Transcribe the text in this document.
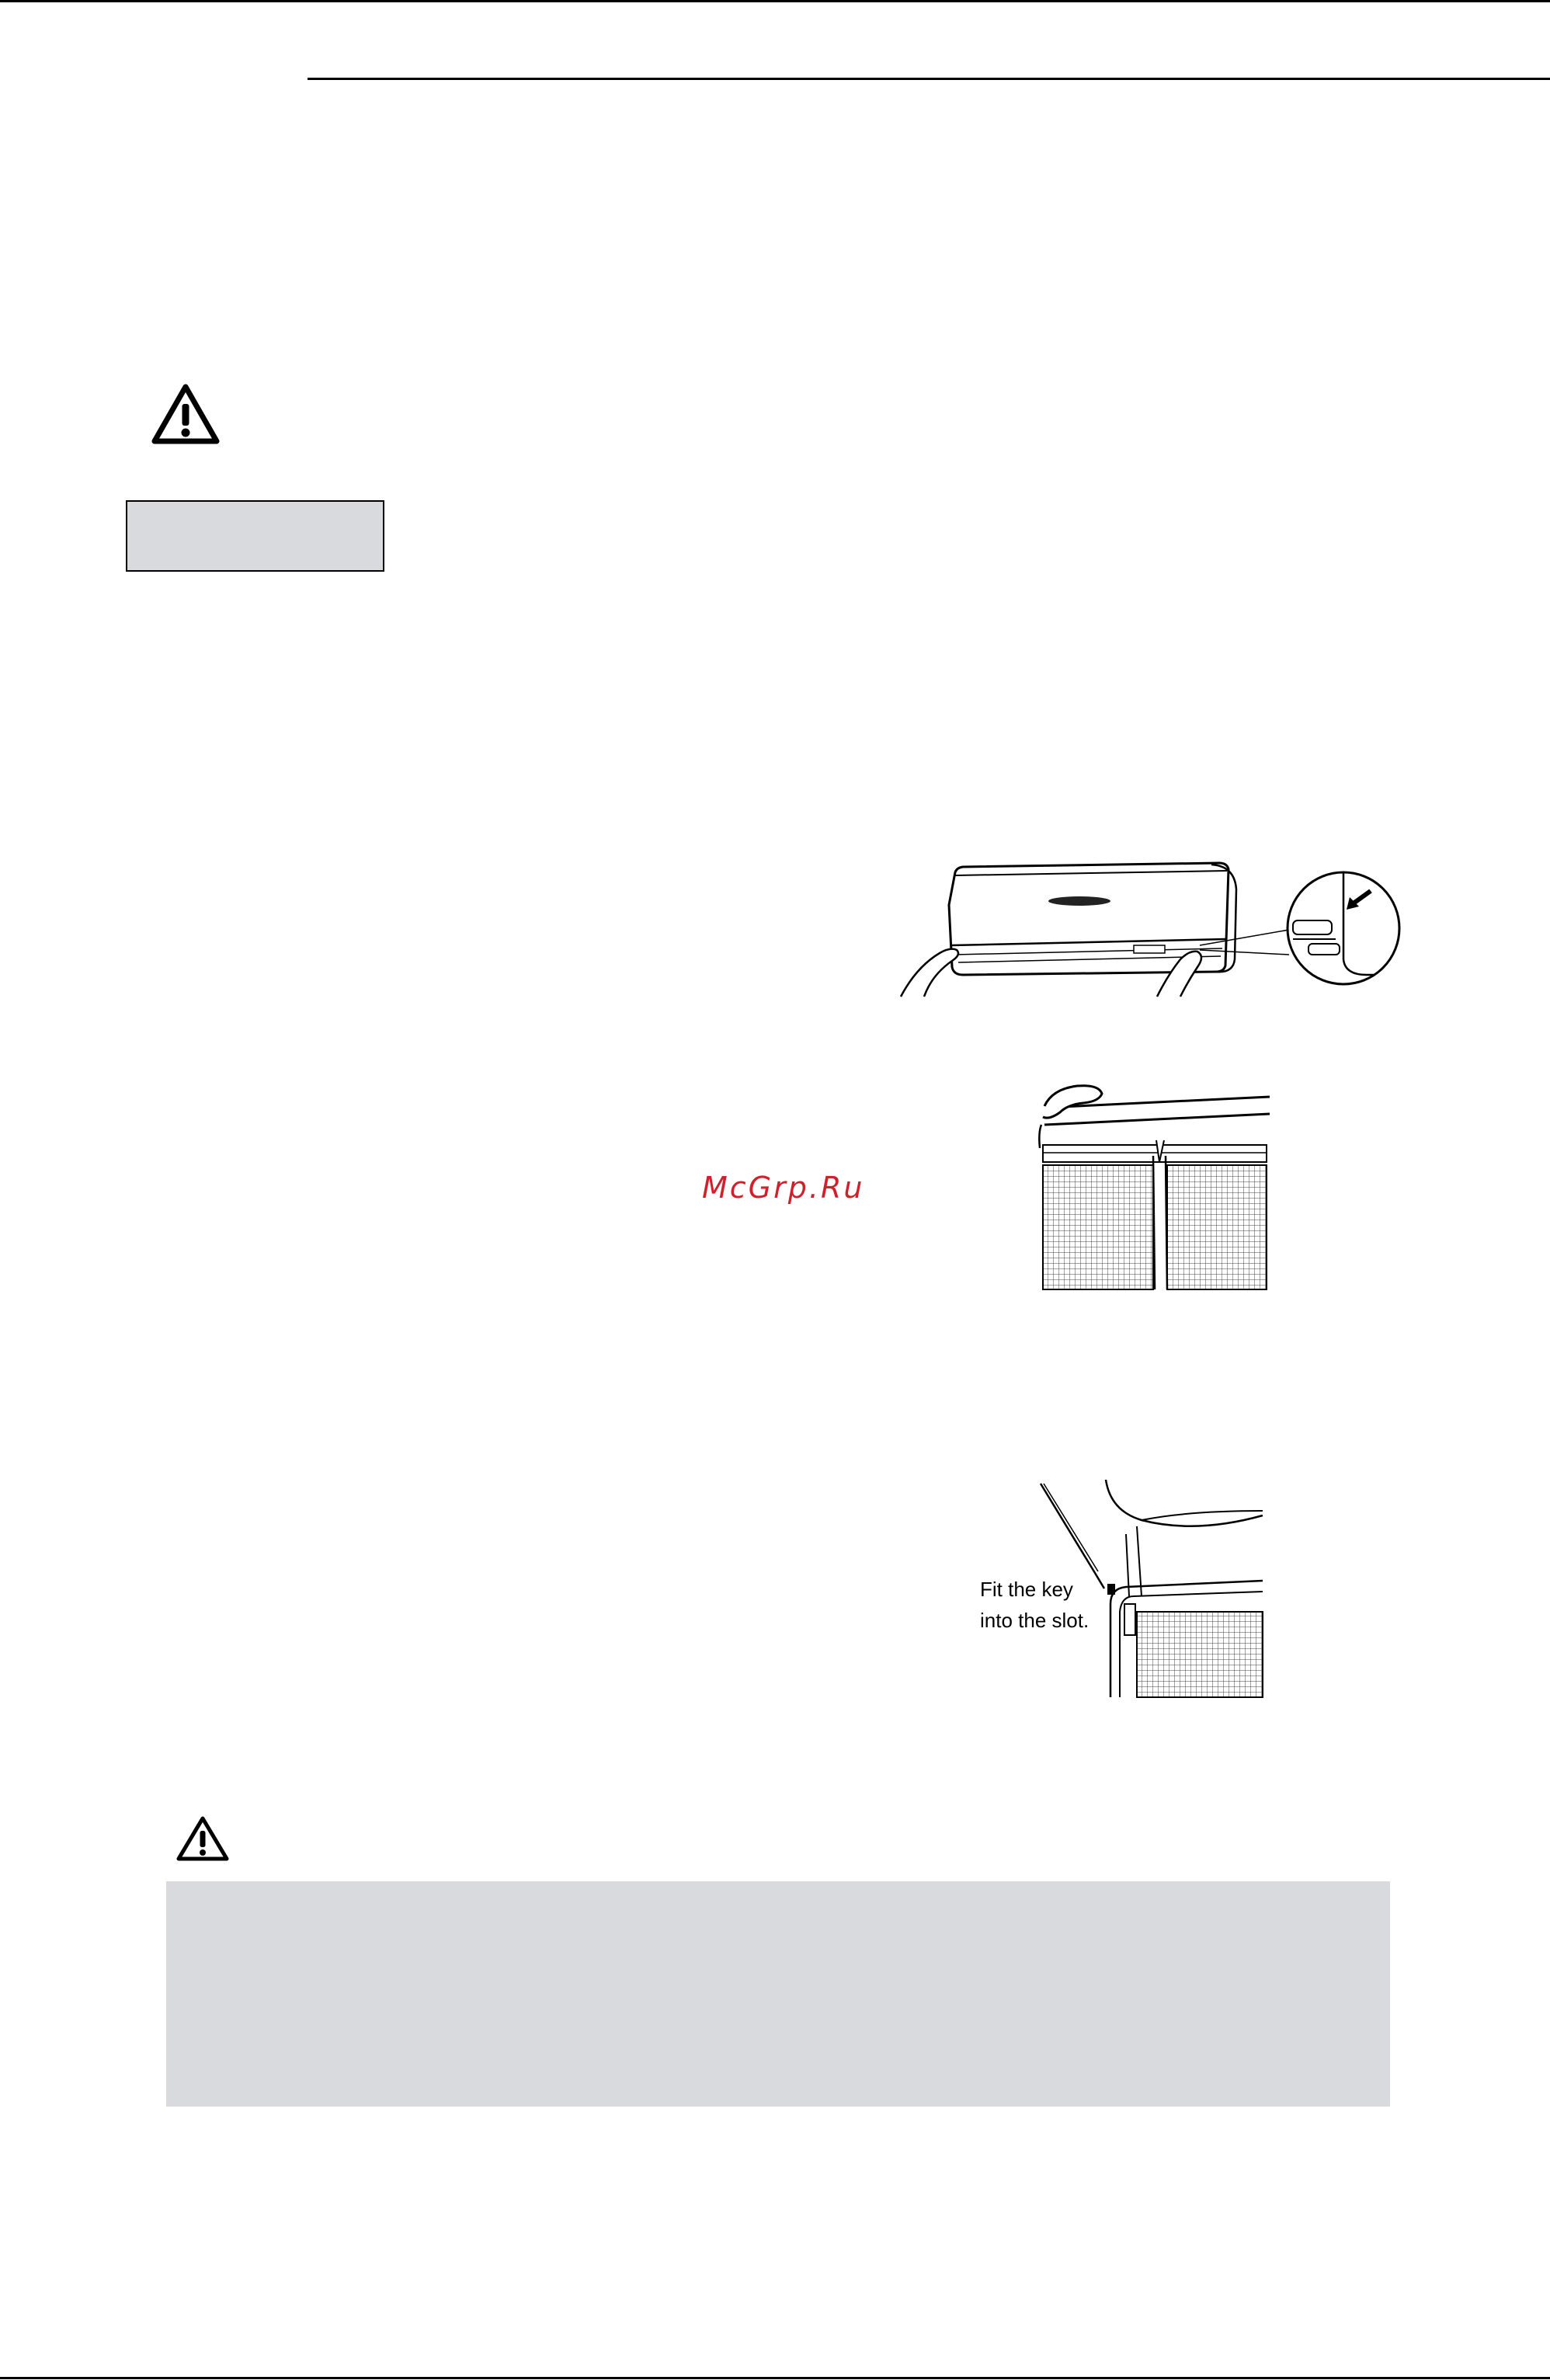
McGrp.Ru
Fit the key
into the slot.
